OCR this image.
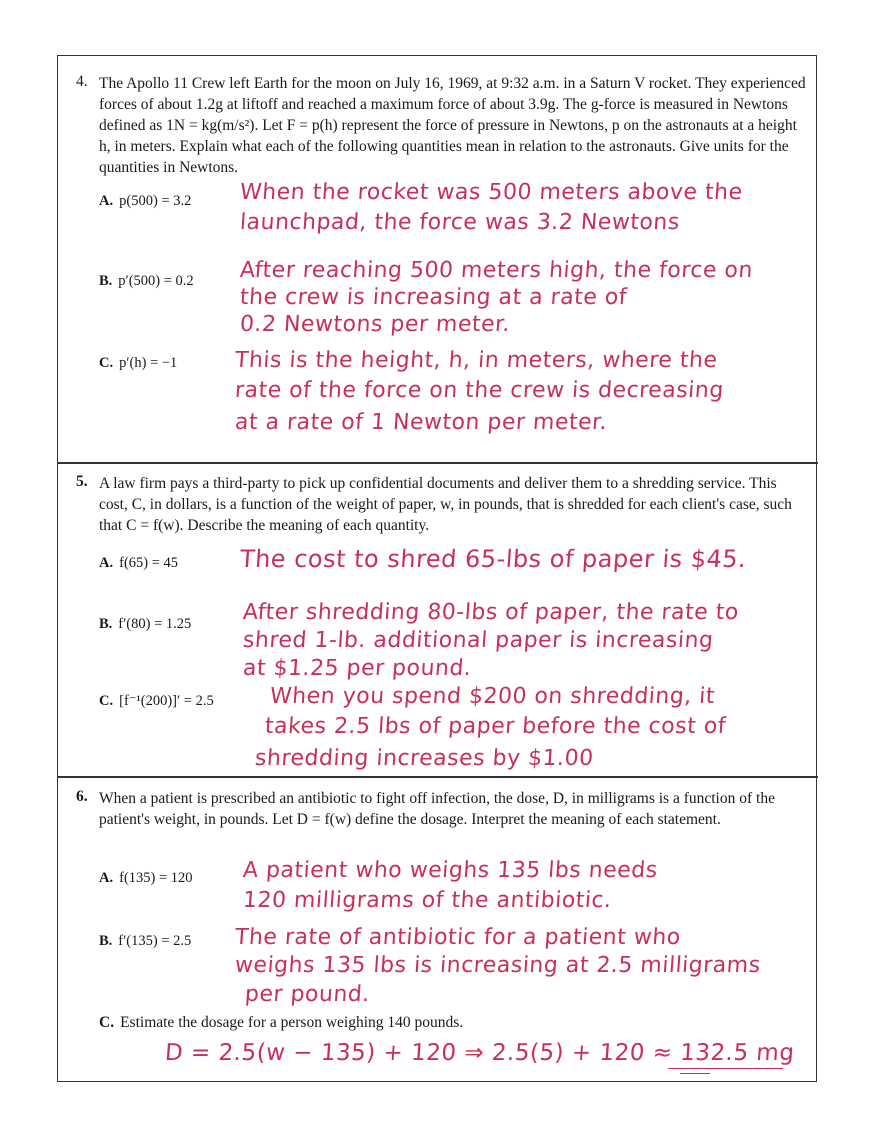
4. The Apollo 11 Crew left Earth for the moon on July 16, 1969, at 9:32 a.m. in a Saturn V rocket. They experienced forces of about 1.2g at liftoff and reached a maximum force of about 3.9g. The g-force is measured in Newtons defined as 1N = kg(m/s²). Let F = p(h) represent the force of pressure in Newtons, p on the astronauts at a height h, in meters. Explain what each of the following quantities mean in relation to the astronauts. Give units for the quantities in Newtons.
A. p(500) = 3.2 When the rocket was 500 meters above the
launchpad, the force was 3.2 Newtons
B. p′(500) = 0.2 After reaching 500 meters high, the force on
the crew is increasing at a rate of
0.2 Newtons per meter.
C. p′(h) = −1	This is the height, h, in meters, where the
rate of the force on the crew is decreasing
at a rate of 1 Newton per meter.
5. A law firm pays a third-party to pick up confidential documents and deliver them to a shredding service. This cost, C, in dollars, is a function of the weight of paper, w, in pounds, that is shredded for each client's case, such that C = f(w). Describe the meaning of each quantity.
A. f(65) = 45	The cost to shred 65-lbs of paper is $45.
B. f′(80) = 1.25 After shredding 80-lbs of paper, the rate to
shred 1-lb. additional paper is increasing
at $1.25 per pound.
C. [f⁻¹(200)]′ = 2.5	When you spend $200 on shredding, it
takes 2.5 lbs of paper before the cost of
shredding increases by $1.00
6. When a patient is prescribed an antibiotic to fight off infection, the dose, D, in milligrams is a function of the patient's weight, in pounds. Let D = f(w) define the dosage. Interpret the meaning of each statement.
A. f(135) = 120 A patient who weighs 135 lbs needs
120 milligrams of the antibiotic.
B. f′(135) = 2.5 The rate of antibiotic for a patient who
weighs 135 lbs is increasing at 2.5 milligrams
per pound.
C. Estimate the dosage for a person weighing 140 pounds.
D = 2.5(w − 135) + 120 ⇒ 2.5(5) + 120 ≈ 132.5 mg
